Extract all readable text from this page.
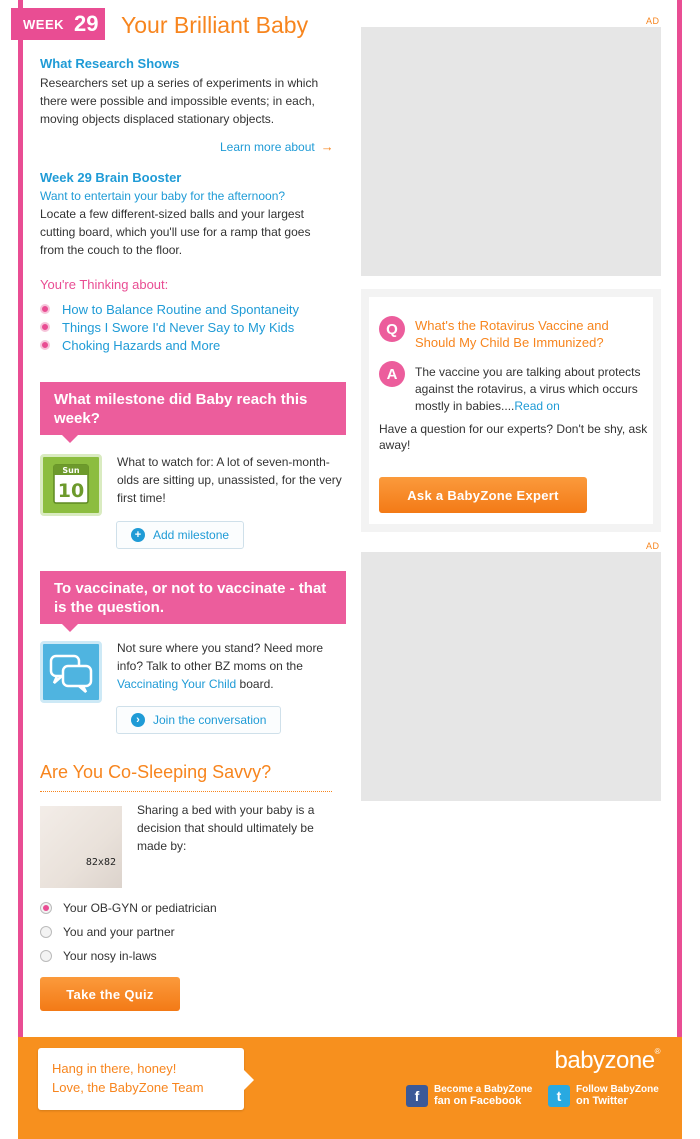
WEEK 29 Your Brilliant Baby	AD
AD
What Research Shows

Researchers set up a series of experiments in which there were possible and impossible events; in each, moving objects displaced stationary objects.

Learn more about →
Week 29 Brain Booster
Want to entertain your baby for the afternoon?

Locate a few different-sized balls and your largest cutting board, which you'll use for a ramp that goes from the couch to the floor.

You're Thinking about:
How to Balance Routine and Spontaneity
Things I Swore I'd Never Say to My Kids
Choking Hazards and More
What milestone did Baby reach this week?
Sun
10

What to watch for: A lot of seven-month-olds are sitting up, unassisted, for the very first time!

+ Add milestone
To vaccinate, or not to vaccinate - that is the question.

Not sure where you stand? Need more info? Talk to other BZ moms on the Vaccinating Your Child board.

›	Join the conversation
Are You Co-Sleeping Savvy?
82x82

Sharing a bed with your baby is a decision that should ultimately be made by:

Your OB-GYN or pediatrician
You and your partner
Your nosy in-laws
Take the Quiz
Q	What's the Rotavirus Vaccine and Should My Child Be Immunized?
A	The vaccine you are talking about protects against the rotavirus, a virus which occurs mostly in babies....Read on
Have a question for our experts? Don't be shy, ask away!
Ask a BabyZone Expert
Hang in there, honey!
Love, the BabyZone Team
babyzone®
f	Become a BabyZone
fan on Facebook	t	Follow BabyZone
on Twitter
